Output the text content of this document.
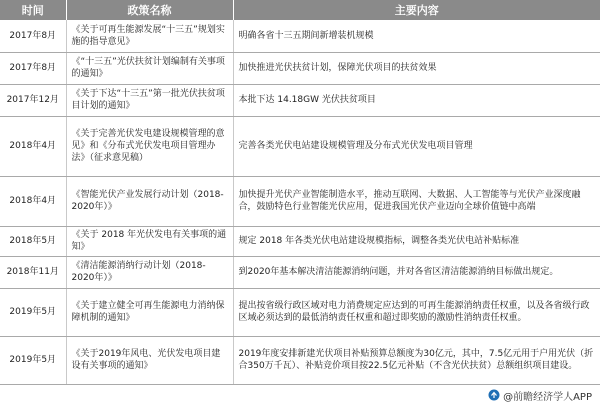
时间	政策名称	主要内容
2017年8月	《关于可再生能源发展“十三五”规划实施的指导意见》	明确各省十三五期间新增装机规模
2017年8月	《“十三五”光伏扶贫计划编制有关事项的通知》	加快推进光伏扶贫计划，保障光伏项目的扶贫效果
2017年12月	《关于下达“十三五”第一批光伏扶贫项目计划的通知》	本批下达 14.18GW 光伏扶贫项目
2018年4月	《关于完善光伏发电建设规模管理的意见》和《分布式光伏发电项目管理办法》（征求意见稿）	完善各类光伏电站建设规模管理及分布式光伏发电项目管理
2018年4月	《智能光伏产业发展行动计划（2018-2020年）》	加快提升光伏产业智能制造水平，推动互联网、大数据、人工智能等与光伏产业深度融合，鼓励特色行业智能光伏应用，促进我国光伏产业迈向全球价值链中高端
2018年5月	《关于 2018 年光伏发电有关事项的通知》	规定 2018 年各类光伏电站建设规模指标，调整各类光伏电站补贴标准
2018年11月	《清洁能源消纳行动计划（2018-2020年）》	到2020年基本解决清洁能源消纳问题，并对各省区清洁能源消纳目标做出规定。
2019年5月	《关于建立健全可再生能源电力消纳保障机制的通知》	提出按省级行政区域对电力消费规定应达到的可再生能源消纳责任权重，以及各省级行政区域必须达到的最低消纳责任权重和超过即奖励的激励性消纳责任权重。
2019年5月	《关于2019年风电、光伏发电项目建设有关事项的通知》	2019年度安排新建光伏项目补贴预算总额度为30亿元，其中，7.5亿元用于户用光伏（折合350万千瓦）、补贴竞价项目按22.5亿元补贴（不含光伏扶贫）总额组织项目建设。
@前瞻经济学人APP
